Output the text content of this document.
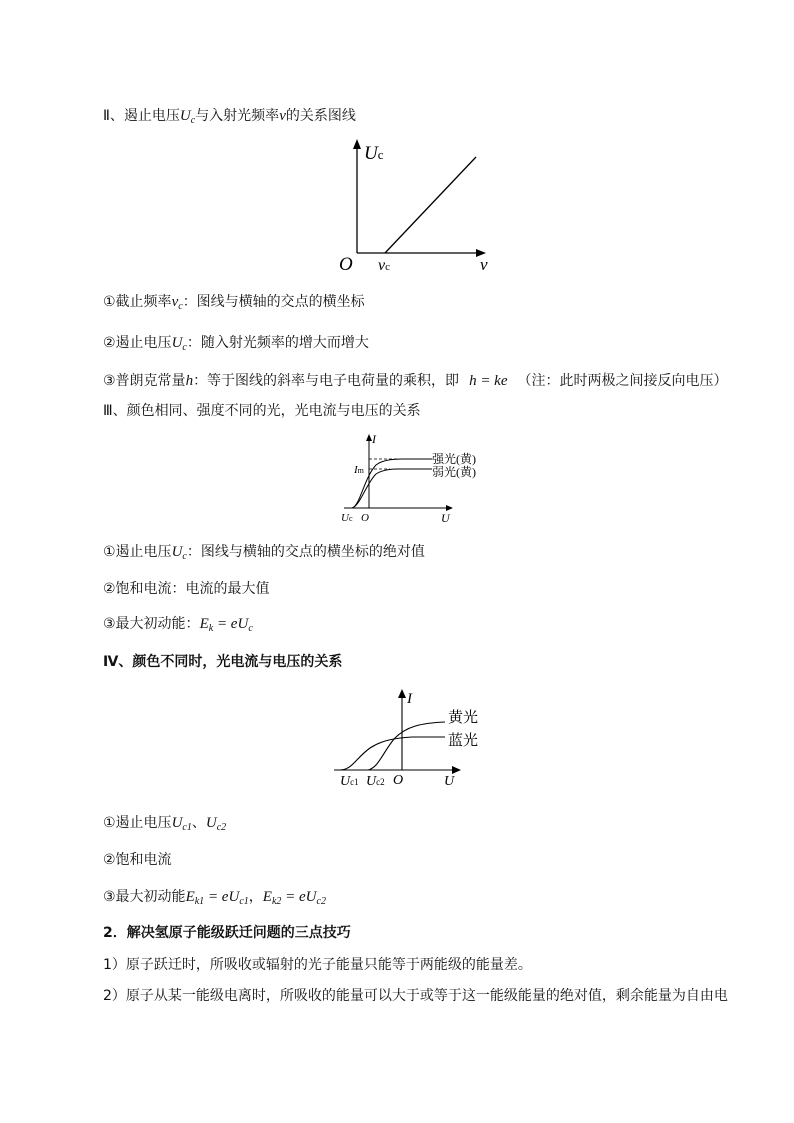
Ⅱ、遏止电压$U_c$与入射光频率ν的关系图线
Uc
O νc	ν
①截止频率$\nu_c$：图线与横轴的交点的横坐标
②遏止电压$U_c$：随入射光频率的增大而增大
③普朗克常量h：等于图线的斜率与电子电荷量的乘积，即 h = ke （注：此时两极之间接反向电压）
Ⅲ、颜色相同、强度不同的光，光电流与电压的关系
I
Im
强光(黄)
弱光(黄)
Uc O	U
①遏止电压$U_c$：图线与横轴的交点的横坐标的绝对值
②饱和电流：电流的最大值
③最大初动能：$E_k = eU_c$
Ⅳ、颜色不同时，光电流与电压的关系
I
黄光
蓝光
Uc1 Uc2 O	U
①遏止电压$U_{c1}$、$U_{c2}$
②饱和电流
③最大初动能$E_{k1} = eU_{c1}$，$E_{k2} = eU_{c2}$
2．解决氢原子能级跃迁问题的三点技巧
1）原子跃迁时，所吸收或辐射的光子能量只能等于两能级的能量差。
2）原子从某一能级电离时，所吸收的能量可以大于或等于这一能级能量的绝对值，剩余能量为自由电
